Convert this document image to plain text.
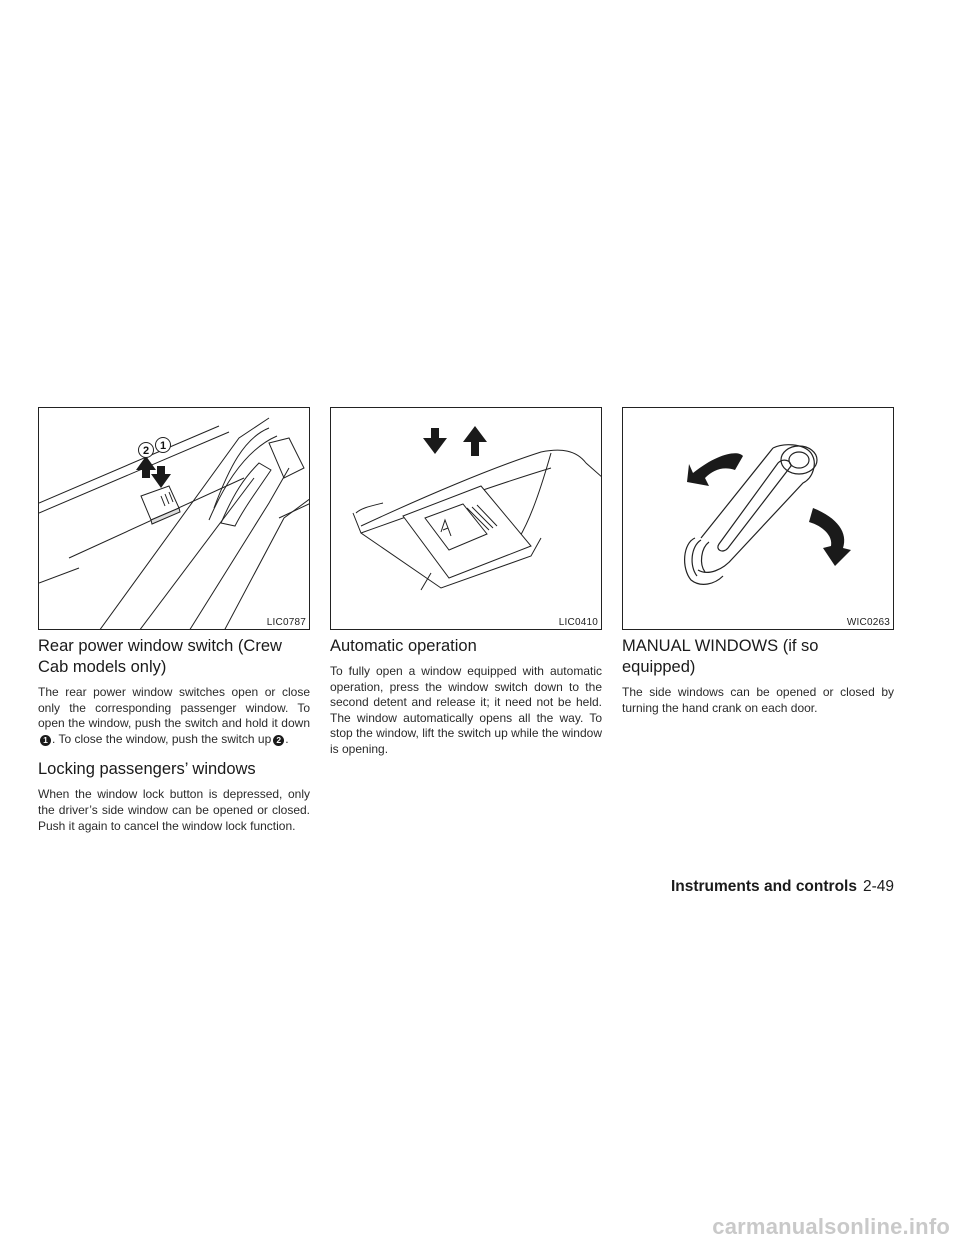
2 1
LIC0787	LIC0410	WIC0263
Rear power window switch (Crew Cab models only)

The rear power window switches open or close only the corresponding passenger window. To open the window, push the switch and hold it down1 . To close the window, push the switch up 2 .

Locking passengers’ windows

When the window lock button is depressed, only the driver’s side window can be opened or closed. Push it again to cancel the window lock function.

Automatic operation

To fully open a window equipped with automatic operation, press the window switch down to the second detent and release it; it need not be held. The window automatically opens all the way. To stop the window, lift the switch up while the window is opening.

MANUAL WINDOWS (if so equipped)

The side windows can be opened or closed by turning the hand crank on each door.

Instruments and controls 2-49
carmanualsonline.info
